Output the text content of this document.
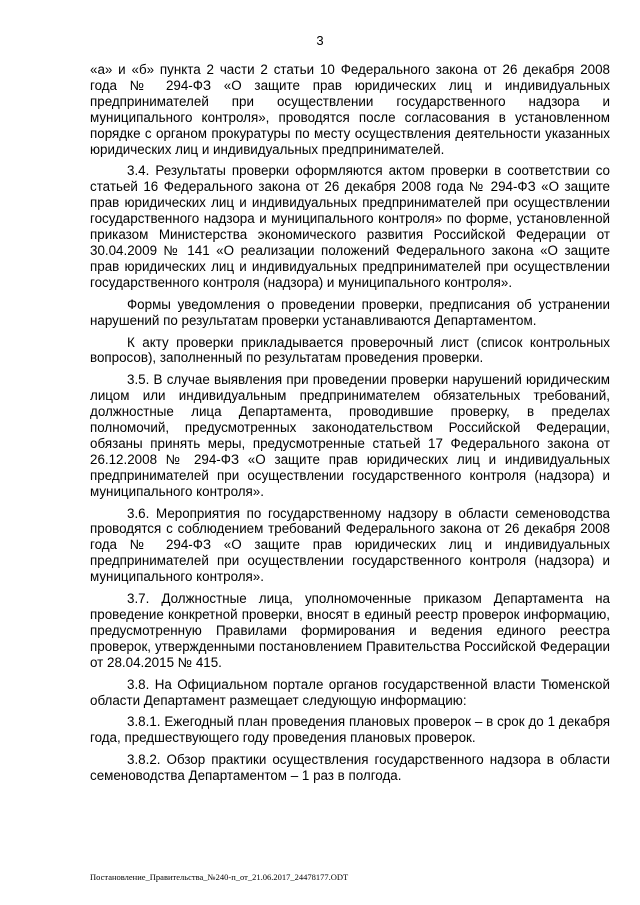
3

«а» и «б» пункта 2 части 2 статьи 10 Федерального закона от 26 декабря 2008 года № 294-ФЗ «О защите прав юридических лиц и индивидуальных предпринимателей при осуществлении государственного надзора и муниципального контроля», проводятся после согласования в установленном порядке с органом прокуратуры по месту осуществления деятельности указанных юридических лиц и индивидуальных предпринимателей.

3.4. Результаты проверки оформляются актом проверки в соответствии со статьей 16 Федерального закона от 26 декабря 2008 года № 294-ФЗ «О защите прав юридических лиц и индивидуальных предпринимателей при осуществлении государственного надзора и муниципального контроля» по форме, установленной приказом Министерства экономического развития Российской Федерации от 30.04.2009 № 141 «О реализации положений Федерального закона «О защите прав юридических лиц и индивидуальных предпринимателей при осуществлении государственного контроля (надзора) и муниципального контроля».

Формы уведомления о проведении проверки, предписания об устранении нарушений по результатам проверки устанавливаются Департаментом.

К акту проверки прикладывается проверочный лист (список контрольных вопросов), заполненный по результатам проведения проверки.

3.5. В случае выявления при проведении проверки нарушений юридическим лицом или индивидуальным предпринимателем обязательных требований, должностные лица Департамента, проводившие проверку, в пределах полномочий, предусмотренных законодательством Российской Федерации, обязаны принять меры, предусмотренные статьей 17 Федерального закона от 26.12.2008 № 294-ФЗ «О защите прав юридических лиц и индивидуальных предпринимателей при осуществлении государственного контроля (надзора) и муниципального контроля».

3.6. Мероприятия по государственному надзору в области семеноводства проводятся с соблюдением требований Федерального закона от 26 декабря 2008 года № 294-ФЗ «О защите прав юридических лиц и индивидуальных предпринимателей при осуществлении государственного контроля (надзора) и муниципального контроля».

3.7. Должностные лица, уполномоченные приказом Департамента на проведение конкретной проверки, вносят в единый реестр проверок информацию, предусмотренную Правилами формирования и ведения единого реестра проверок, утвержденными постановлением Правительства Российской Федерации от 28.04.2015 № 415.

3.8. На Официальном портале органов государственной власти Тюменской области Департамент размещает следующую информацию:

3.8.1. Ежегодный план проведения плановых проверок – в срок до 1 декабря года, предшествующего году проведения плановых проверок.

3.8.2. Обзор практики осуществления государственного надзора в области семеноводства Департаментом – 1 раз в полгода.

Постановление_Правительства_№240-п_от_21.06.2017_24478177.ODT
